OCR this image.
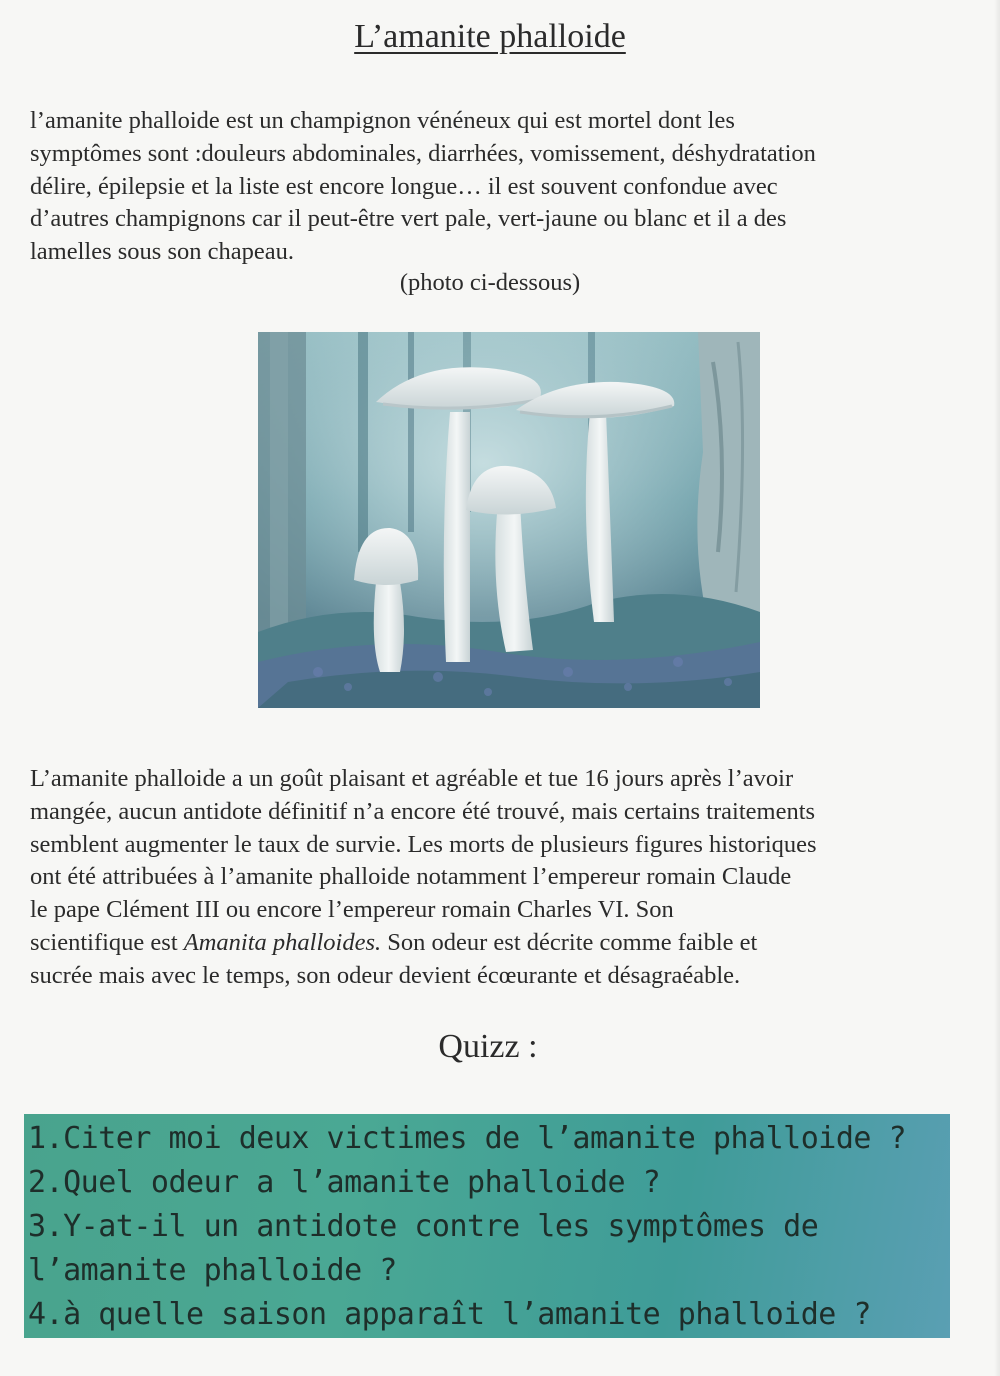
L’amanite phalloide

l’amanite phalloide est un champignon vénéneux qui est mortel dont les
symptômes sont :douleurs abdominales, diarrhées, vomissement, déshydratation
délire, épilepsie et la liste est encore longue… il est souvent confondue avec
d’autres champignons car il peut-être vert pale, vert-jaune ou blanc et il a des
lamelles sous son chapeau.

(photo ci-dessous)

L’amanite phalloide a un goût plaisant et agréable et tue 16 jours après l’avoir
mangée, aucun antidote définitif n’a encore été trouvé, mais certains traitements
semblent augmenter le taux de survie. Les morts de plusieurs figures historiques
ont été attribuées à l’amanite phalloide notamment l’empereur romain Claude
le pape Clément III ou encore l’empereur romain Charles VI. Son
scientifique est Amanita phalloides. Son odeur est décrite comme faible et
sucrée mais avec le temps, son odeur devient écœurante et désagraéable.

Quizz :
1.Citer moi deux victimes de l’amanite phalloide ?
2.Quel odeur a l’amanite phalloide ?
3.Y-at-il un antidote contre les symptômes de
l’amanite phalloide ?
4.à quelle saison apparaît l’amanite phalloide ?
